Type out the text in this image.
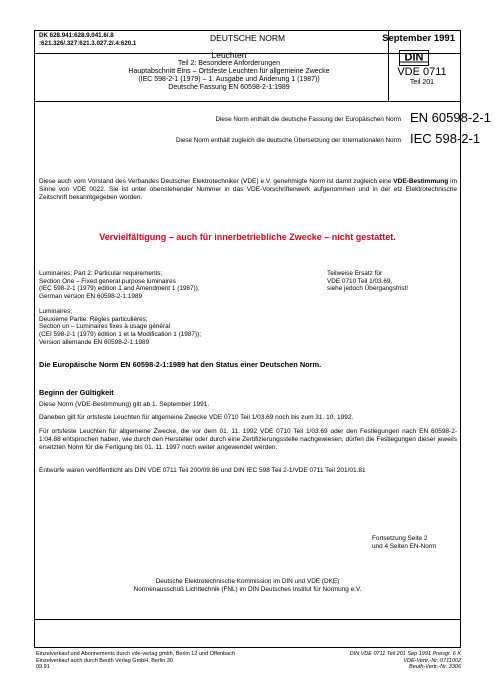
DK 628.941:628.9.041.6/.8
:621.326/.327:621.3.027.2/.4:620.1
DEUTSCHE NORM	September 1991
Leuchten
Teil 2: Besondere Anforderungen
Hauptabschnitt Eins – Ortsfeste Leuchten für allgemeine Zwecke
(IEC 598-2-1 (1979) – 1. Ausgabe und Änderung 1 (1987))
Deutsche Fassung EN 60598-2-1:1989
DIN
VDE 0711
Teil 201
Diese Norm enthält die deutsche Fassung der Europäischen Norm EN 60598-2-1
Diese Norm enthält zugleich die deutsche Übersetzung der Internationalen Norm IEC 598-2-1
Diese auch vom Vorstand des Verbandes Deutscher Elektrotechniker (VDE) e.V. genehmigte Norm ist damit zugleich eine VDE-Bestimmung im Sinne von VDE 0022. Sie ist unter obenstehender Nummer in das VDE-Vorschriftenwerk aufgenommen und in der etz Elektrotechnische Zeitschrift bekanntgegeben worden.
Vervielfältigung – auch für innerbetriebliche Zwecke – nicht gestattet.
Luminaires; Part 2: Particular requirements;
Section One – Fixed general purpose luminaires
(IEC 598-2-1 (1979) edition 1 and Amendment 1 (1987));
German version EN 60598-2-1:1989
Teilweise Ersatz für
VDE 0710 Teil 1/03.69,
siehe jedoch Übergangsfrist!
Luminaires;
Deuxième Partie: Règles particulières;
Section un – Luminaires fixes à usage général
(CEI 598-2-1 (1979) édition 1 et la Modification 1 (1987));
Version allemande EN 60598-2-1:1989
Die Europäische Norm EN 60598-2-1:1989 hat den Status einer Deutschen Norm.
Beginn der Gültigkeit
Diese Norm (VDE-Bestimmung) gilt ab 1. September 1991.
Daneben gilt für ortsfeste Leuchten für allgemeine Zwecke VDE 0710 Teil 1/03.69 noch bis zum 31. 10. 1992.
Für ortsfeste Leuchten für allgemeine Zwecke, die vor dem 01. 11. 1992 VDE 0710 Teil 1/03.69 oder den Festlegungen nach EN 60598-2-1:04.88 entsprochen haben, wie durch den Hersteller oder durch eine Zertifizierungsstelle nachgewiesen, dürfen die Festlegungen dieser jeweils ersetzten Norm für die Fertigung bis 01. 11. 1997 noch weiter angewendet werden.
Entwürfe waren veröffentlicht als DIN VDE 0711 Teil 200/09.86 und DIN IEC 598 Teil 2-1/VDE 0711 Teil 201/01.81
Fortsetzung Seite 2
und 4 Seiten EN-Norm
Deutsche Elektrotechnische Kommission im DIN und VDE (DKE)
Normenausschuß Lichttechnik (FNL) im DIN Deutsches Institut für Normung e.V.
Einzelverkauf und Abonnements durch vde-verlag gmbh, Berlin 12 und Offenbach
Einzelverkauf auch durch Beuth Verlag GmbH, Berlin 30
09.91
DIN VDE 0711 Teil 201 Sep 1991 Preisgr. 6 K
VDE-Vertr.-Nr. 0711002
Beuth-Vertr.-Nr. 3306
